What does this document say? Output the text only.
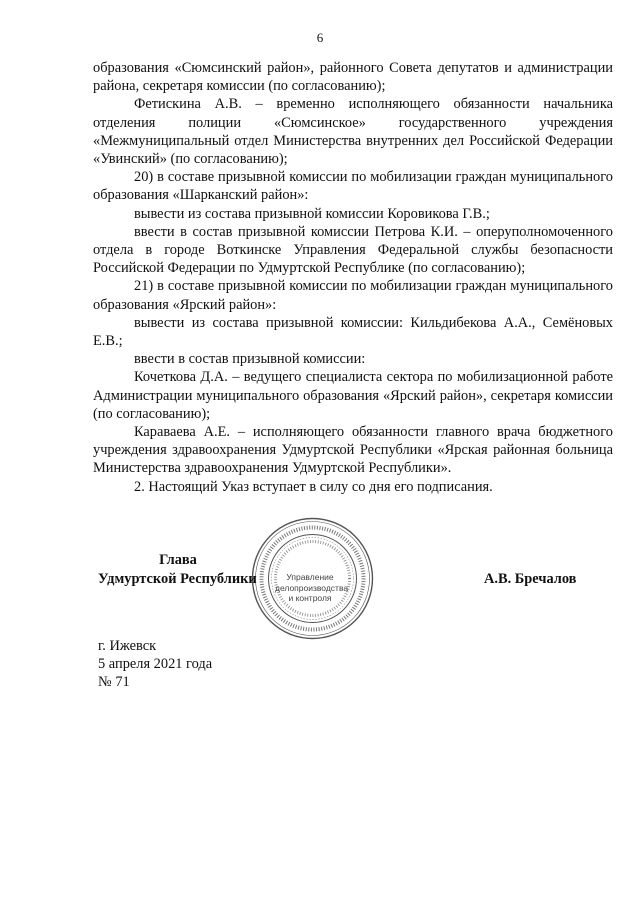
6

образования «Сюмсинский район», районного Совета депутатов и администрации района, секретаря комиссии (по согласованию);

Фетискина А.В. – временно исполняющего обязанности начальника отделения полиции «Сюмсинское» государственного учреждения «Межмуниципальный отдел Министерства внутренних дел Российской Федерации «Увинский» (по согласованию);

20) в составе призывной комиссии по мобилизации граждан муниципального образования «Шарканский район»:

вывести из состава призывной комиссии Коровикова Г.В.;

ввести в состав призывной комиссии Петрова К.И. – оперуполномоченного отдела в городе Воткинске Управления Федеральной службы безопасности Российской Федерации по Удмуртской Республике (по согласованию);

21) в составе призывной комиссии по мобилизации граждан муниципального образования «Ярский район»:

вывести из состава призывной комиссии: Кильдибекова А.А., Семёновых Е.В.;

ввести в состав призывной комиссии:

Кочеткова Д.А. – ведущего специалиста сектора по мобилизационной работе Администрации муниципального образования «Ярский район», секретаря комиссии (по согласованию);

Караваева А.Е. – исполняющего обязанности главного врача бюджетного учреждения здравоохранения Удмуртской Республики «Ярская районная больница Министерства здравоохранения Удмуртской Республики».

2. Настоящий Указ вступает в силу со дня его подписания.

Управление
делопроизводства
и контроля
Глава
Удмуртской Республики	А.В. Бречалов
г. Ижевск
5 апреля 2021 года
№ 71
